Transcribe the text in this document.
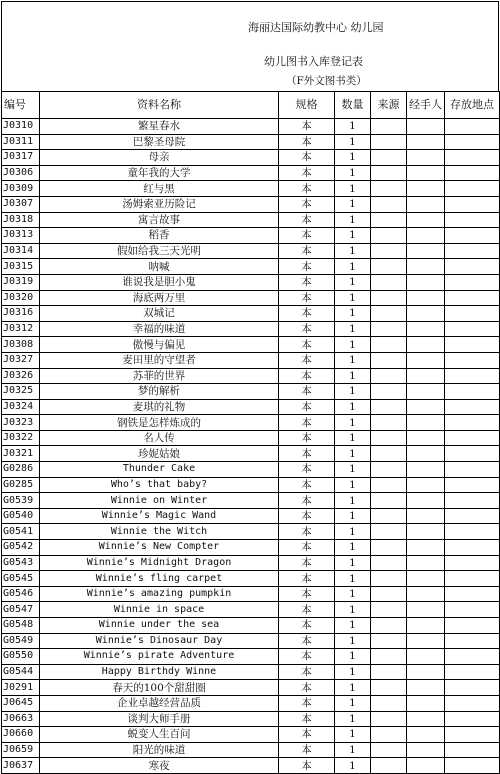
海丽达国际幼教中心 幼儿园
幼儿图书入库登记表
（F外文图书类）
编号	资料名称	规格	数量	来源	经手人	存放地点
J0310	繁星春水	本	1			
J0311	巴黎圣母院	本	1			
J0317	母亲	本	1			
J0306	童年我的大学	本	1			
J0309	红与黑	本	1			
J0307	汤姆索亚历险记	本	1			
J0318	寓言故事	本	1			
J0313	稻香	本	1			
J0314	假如给我三天光明	本	1			
J0315	呐喊	本	1			
J0319	谁说我是胆小鬼	本	1			
J0320	海底两万里	本	1			
J0316	双城记	本	1			
J0312	幸福的味道	本	1			
J0308	傲慢与偏见	本	1			
J0327	麦田里的守望者	本	1			
J0326	苏菲的世界	本	1			
J0325	梦的解析	本	1			
J0324	麦琪的礼物	本	1			
J0323	钢铁是怎样炼成的	本	1			
J0322	名人传	本	1			
J0321	珍妮姑娘	本	1			
G0286	Thunder Cake	本	1			
G0285	Who’s that baby?	本	1			
G0539	Winnie on Winter	本	1			
G0540	Winnie’s Magic Wand	本	1			
G0541	Winnie the Witch	本	1			
G0542	Winnie’s New Compter	本	1			
G0543	Winnie’s Midnight Dragon	本	1			
G0545	Winnie’s fling carpet	本	1			
G0546	Winnie’s amazing pumpkin	本	1			
G0547	Winnie in space	本	1			
G0548	Winnie under the sea	本	1			
G0549	Winnie’s Dinosaur Day	本	1			
G0550	Winnie’s pirate Adventure	本	1			
G0544	Happy Birthdy Winne	本	1			
J0291	春天的100个甜甜圈	本	1			
J0645	企业卓越经营品质	本	1			
J0663	谈判大师手册	本	1			
J0660	蜕变人生百问	本	1			
J0659	阳光的味道	本	1			
J0637	寒夜	本	1			
